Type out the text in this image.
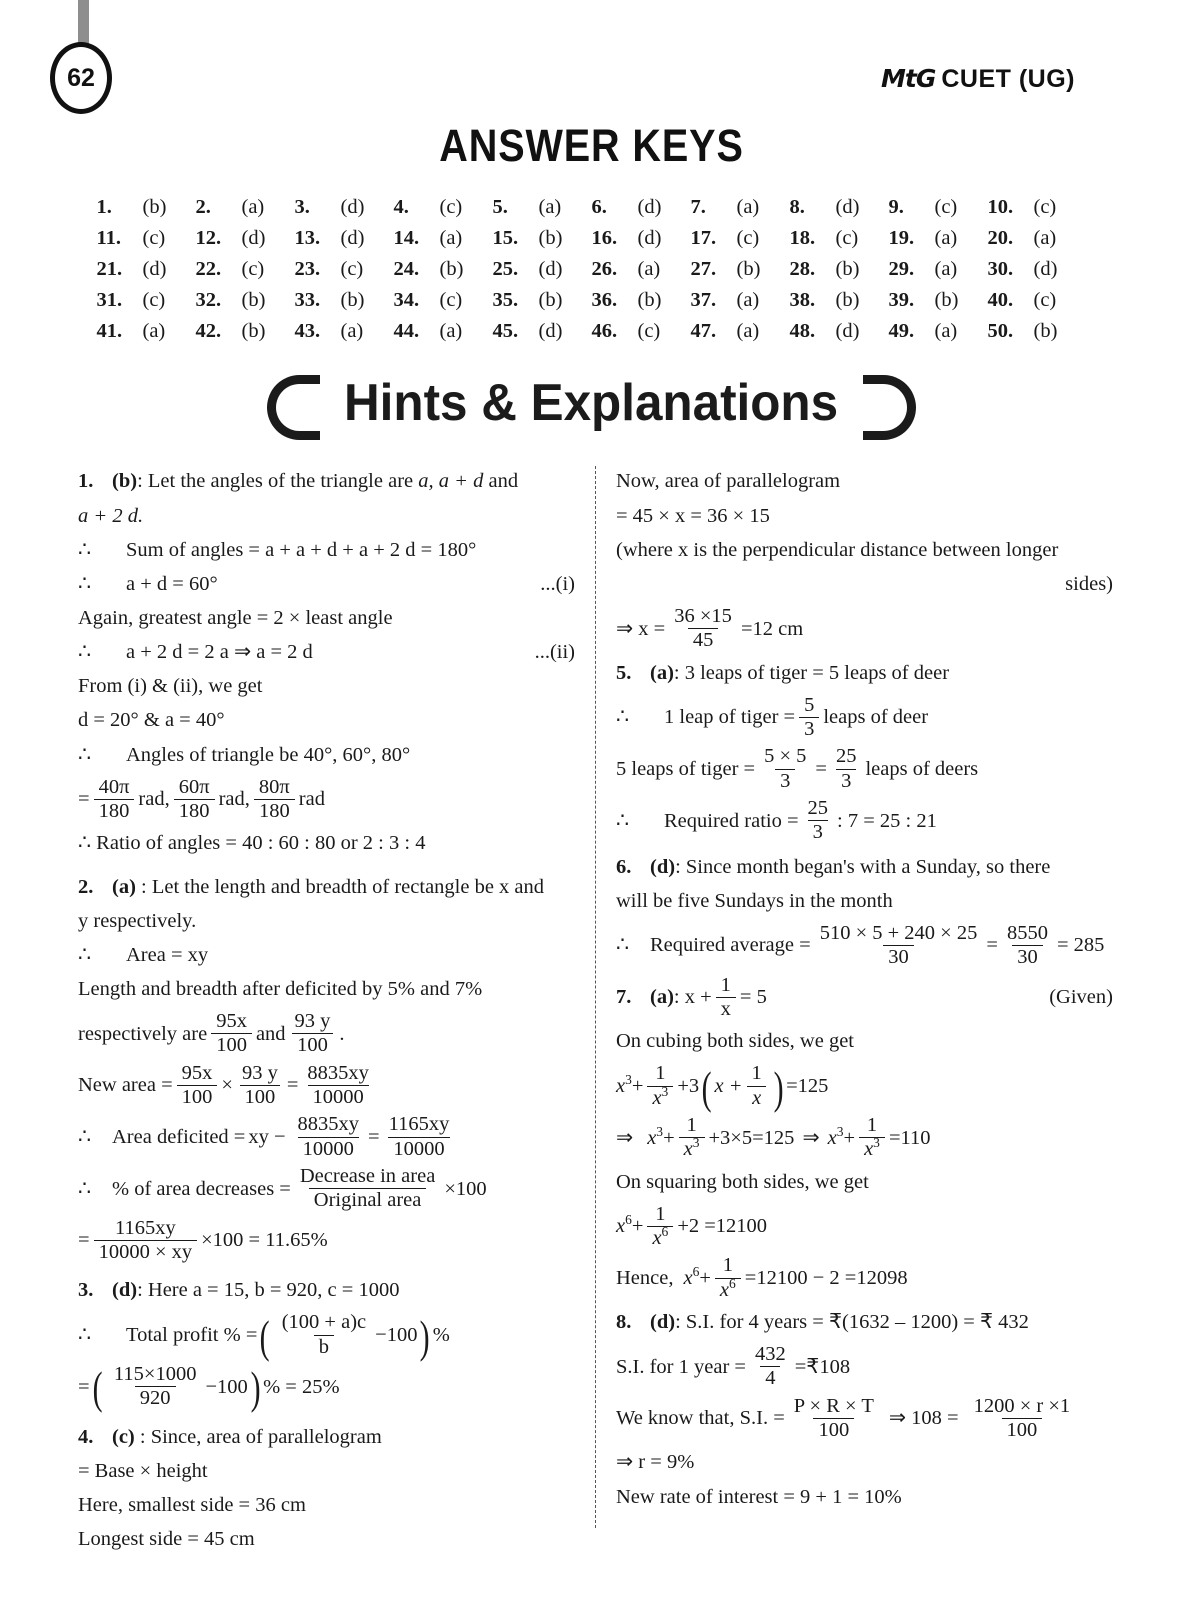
62	MtG CUET (UG)
ANSWER KEYS
1.	(b) 2.	(a) 3.	(d) 4.	(c) 5.	(a) 6.	(d) 7.	(a) 8.	(d) 9.	(c) 10. (c)
11.	(c) 12. (d) 13. (d) 14. (a) 15. (b) 16. (d) 17. (c) 18. (c) 19. (a) 20. (a)
21. (d) 22. (c) 23. (c) 24. (b) 25. (d) 26. (a) 27. (b) 28. (b) 29. (a) 30. (d)
31. (c) 32. (b) 33. (b) 34. (c) 35. (b) 36. (b) 37. (a) 38. (b) 39. (b) 40. (c)
41. (a) 42. (b) 43. (a) 44. (a) 45. (d) 46. (c) 47. (a) 48. (d) 49. (a) 50. (b)
Hints & Explanations
1. (b): Let the angles of the triangle are a, a + d and
a + 2 d.
∴ Sum of angles = a + a + d + a + 2 d = 180°
∴ a + d = 60°	...(i)
Again, greatest angle = 2 × least angle
∴ a + 2 d = 2 a ⇒ a = 2 d	...(ii)
From (i) & (ii), we get
d = 20° & a = 40°
∴ Angles of triangle be 40°, 60°, 80°
= $\frac{40\pi}{180}$ rad, $\frac{60\pi}{180}$ rad, $\frac{80\pi}{180}$ rad
∴ Ratio of angles = 40 : 60 : 80 or 2 : 3 : 4
2. (a) : Let the length and breadth of rectangle be x and
y respectively.
∴ Area = xy
Length and breadth after deficited by 5% and 7%
respectively are $\frac{95x}{100}$ and $\frac{93 y}{100}$ .
New area = $\frac{95x}{100} \times \frac{93 y}{100} = \frac{8835xy}{10000}$
∴	Area deficited = xy − $\frac{8835xy}{10000} = \frac{1165xy}{10000}$
∴	% of area decreases = $\frac{\text{Decrease in area}}{\text{Original area}} \times 100$
= $\frac{1165xy}{10000 \times xy} \times 100 = 11.65\%$
3. (d): Here a = 15, b = 920, c = 1000
∴	Total profit % = ( $\frac{(100 + a)c}{b} -100$ ) %
= ( $\frac{115\times 1000}{920} -100$ ) % = 25%
4. (c) : Since, area of parallelogram
= Base × height
Here, smallest side = 36 cm
Longest side = 45 cm
Now, area of parallelogram
= 45 × x = 36 × 15
(where x is the perpendicular distance between longer
sides)
⇒ $x = \frac{36 \times 15}{45} =12$ cm
5. (a): 3 leaps of tiger = 5 leaps of deer
∴	1 leap of tiger = $\frac{5}{3}$ leaps of deer
5 leaps of tiger = $\frac{5 \times 5}{3} = \frac{25}{3}$ leaps of deers
∴	Required ratio = $\frac{25}{3}$ : 7 = 25 : 21
6. (d): Since month began's with a Sunday, so there
will be five Sundays in the month
∴	Required average = $\frac{510 \times 5 + 240 \times 25}{30} = \frac{8550}{30} = 285$
7. (a) : $x + \frac{1}{x} = 5$	(Given)
On cubing both sides, we get
$x^3 + \frac{1}{x^3} +3$ ( $x + \frac{1}{x}$ ) =125
⇒ $x^3 + \frac{1}{x^3} +3\times 5=125$ ⇒ $x^3 + \frac{1}{x^3} =110$
On squaring both sides, we get
$x^6 + \frac{1}{x^6} +2 =12100$
Hence, $x^6 + \frac{1}{x^6} =12100 - 2 =12098$
8. (d): S.I. for 4 years = ₹(1632 – 1200) = ₹ 432
S.I. for 1 year = $\frac{432}{4}$ =₹108
We know that, S.I. = $\frac{P \times R \times T}{100}$ ⇒ $108 = \frac{1200 \times r \times 1}{100}$
⇒ r = 9%
New rate of interest = 9 + 1 = 10%
